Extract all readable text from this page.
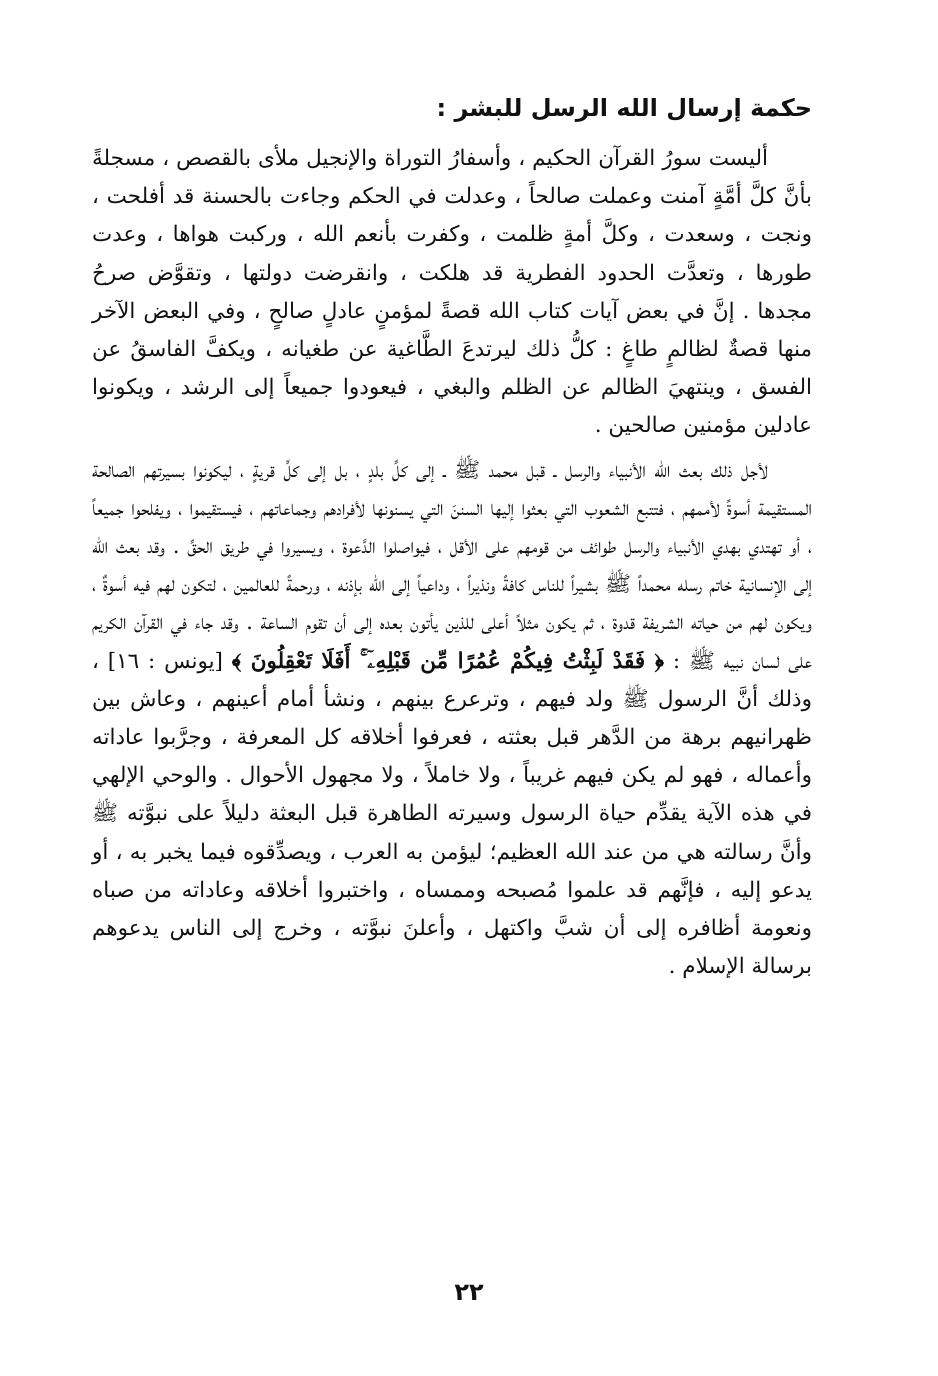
حكمة إرسال الله الرسل للبشر :

أليست سورُ القرآن الحكيم ، وأسفارُ التوراة والإنجيل ملأى بالقصص ، مسجلةً بأنَّ كلَّ أمَّةٍ آمنت وعملت صالحاً ، وعدلت في الحكم وجاءت بالحسنة قد أفلحت ، ونجت ، وسعدت ، وكلَّ أمةٍ ظلمت ، وكفرت بأنعم الله ، وركبت هواها ، وعدت طورها ، وتعدَّت الحدود الفطرية قد هلكت ، وانقرضت دولتها ، وتقوَّض صرحُ مجدها . إنَّ في بعض آيات كتاب الله قصةً لمؤمنٍ عادلٍ صالحٍ ، وفي البعض الآخر منها قصةٌ لظالمٍ طاغٍ : كلُّ ذلك ليرتدعَ الطَّاغية عن طغيانه ، ويكفَّ الفاسقُ عن الفسق ، وينتهيَ الظالم عن الظلم والبغي ، فيعودوا جميعاً إلى الرشد ، ويكونوا عادلين مؤمنين صالحين .

لأجل ذلك بعث الله الأنبياء والرسل ـ قبل محمد ﷺ ـ إلى كلِّ بلدٍ ، بل إلى كلِّ قريةٍ ، ليكونوا بسيرتهم الصالحة المستقيمة أسوةً لأممهم ، فتتبع الشعوب التي بعثوا إليها السننَ التي يسنونها لأفرادهم وجماعاتهم ، فيستقيموا ، ويفلحوا جميعاً ، أو تهتدي بهدي الأنبياء والرسل طوائف من قومهم على الأقل ، فيواصلوا الدَّعوة ، ويسيروا في طريق الحقِّ . وقد بعث الله إلى الإنسانية خاتم رسله محمداً ﷺ بشيراً للناس كافةً ونذيراً ، وداعياً إلى الله بإذنه ، ورحمةً للعالمين ، لتكون لهم فيه أسوةٌ ، ويكون لهم من حياته الشريفة قدوة ، ثم يكون مثلاً أعلى للذين يأتون بعده إلى أن تقوم الساعة . وقد جاء في القرآن الكريم على لسان نبيه ﷺ : ﴿ فَقَدْ لَبِثْتُ فِيكُمْ عُمُرًا مِّن قَبْلِهِۦٓ ۚ أَفَلَا تَعْقِلُونَ ﴾ [يونس : ١٦] ، وذلك أنَّ الرسول ﷺ ولد فيهم ، وترعرع بينهم ، ونشأ أمام أعينهم ، وعاش بين ظهرانيهم برهة من الدَّهر قبل بعثته ، فعرفوا أخلاقه كل المعرفة ، وجرَّبوا عاداته وأعماله ، فهو لم يكن فيهم غريباً ، ولا خاملاً ، ولا مجهول الأحوال . والوحي الإلهي في هذه الآية يقدِّم حياة الرسول وسيرته الطاهرة قبل البعثة دليلاً على نبوَّته ﷺ وأنَّ رسالته هي من عند الله العظيم؛ ليؤمن به العرب ، ويصدِّقوه فيما يخبر به ، أو يدعو إليه ، فإنَّهم قد علموا مُصبحه وممساه ، واختبروا أخلاقه وعاداته من صباه ونعومة أظافره إلى أن شبَّ واكتهل ، وأعلنَ نبوَّته ، وخرج إلى الناس يدعوهم برسالة الإسلام .

٢٢
